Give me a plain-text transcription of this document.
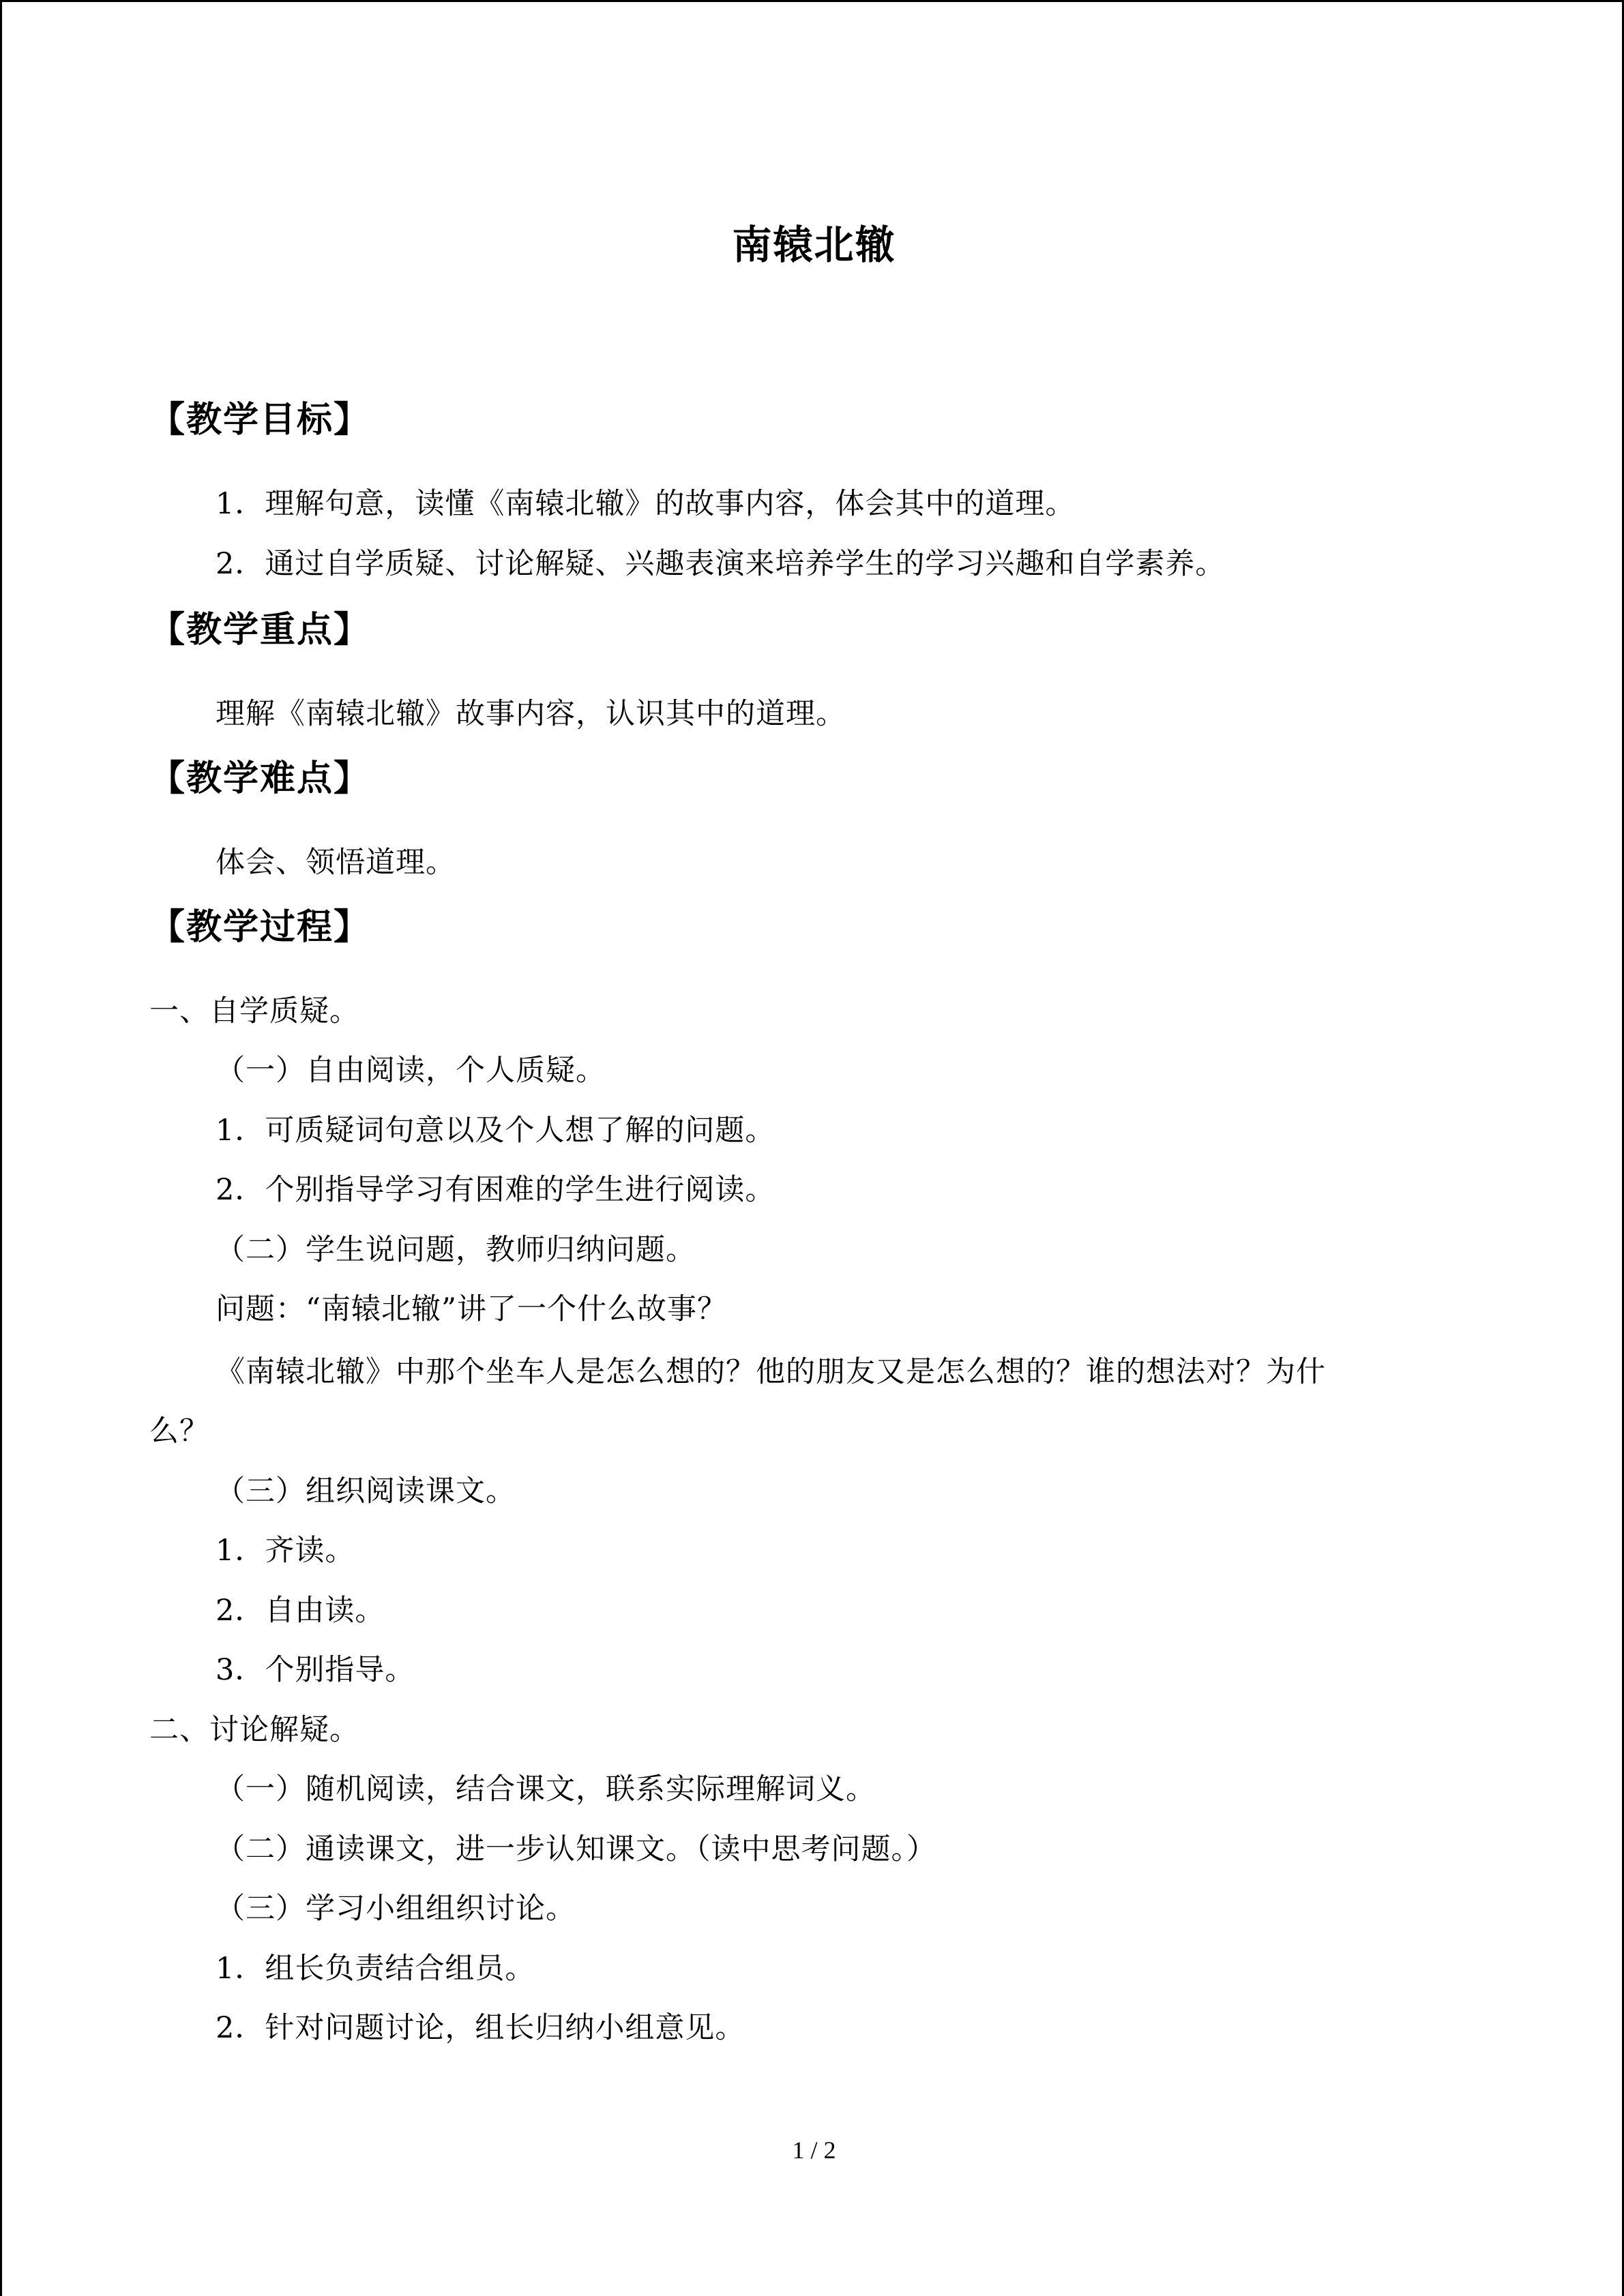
南辕北辙
【教学目标】
1．理解句意，读懂《南辕北辙》的故事内容，体会其中的道理。
2．通过自学质疑、讨论解疑、兴趣表演来培养学生的学习兴趣和自学素养。
【教学重点】
理解《南辕北辙》故事内容，认识其中的道理。
【教学难点】
体会、领悟道理。
【教学过程】
一、自学质疑。
（一）自由阅读，个人质疑。
1．可质疑词句意以及个人想了解的问题。
2．个别指导学习有困难的学生进行阅读。
（二）学生说问题，教师归纳问题。
问题：“南辕北辙”讲了一个什么故事？
《南辕北辙》中那个坐车人是怎么想的？他的朋友又是怎么想的？谁的想法对？为什
么？
（三）组织阅读课文。
1．齐读。
2．自由读。
3．个别指导。
二、讨论解疑。
（一）随机阅读，结合课文，联系实际理解词义。
（二）通读课文，进一步认知课文。（读中思考问题。）
（三）学习小组组织讨论。
1．组长负责结合组员。
2．针对问题讨论，组长归纳小组意见。
1 / 2
